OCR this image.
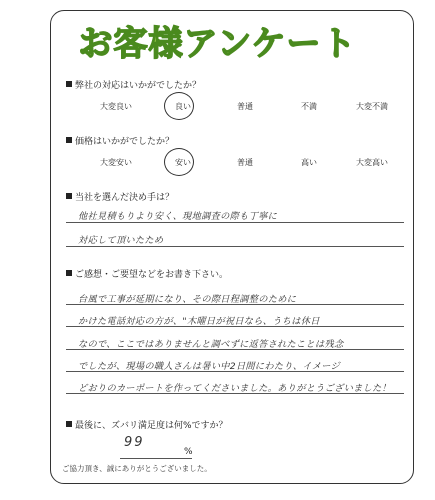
お客様アンケート
弊社の対応はいかがでしたか？
大変良い	良い	普通	不満	大変不満
価格はいかがでしたか？
大変安い	安い	普通	高い	大変高い
当社を選んだ決め手は？
他社見積もりより安く、現地調査の際も丁寧に
対応して頂いたため
ご感想・ご要望などをお書き下さい。
台風で工事が延期になり、その際日程調整のために
かけた電話対応の方が、"木曜日が祝日なら、うちは休日
なので、ここではありませんと調べずに返答されたことは残念
でしたが、現場の職人さんは暑い中2日間にわたり、イメージ
どおりのカーポートを作ってくださいました。ありがとうございました！
最後に、ズバリ満足度は何%ですか？
99
%
ご協力頂き、誠にありがとうございました。
